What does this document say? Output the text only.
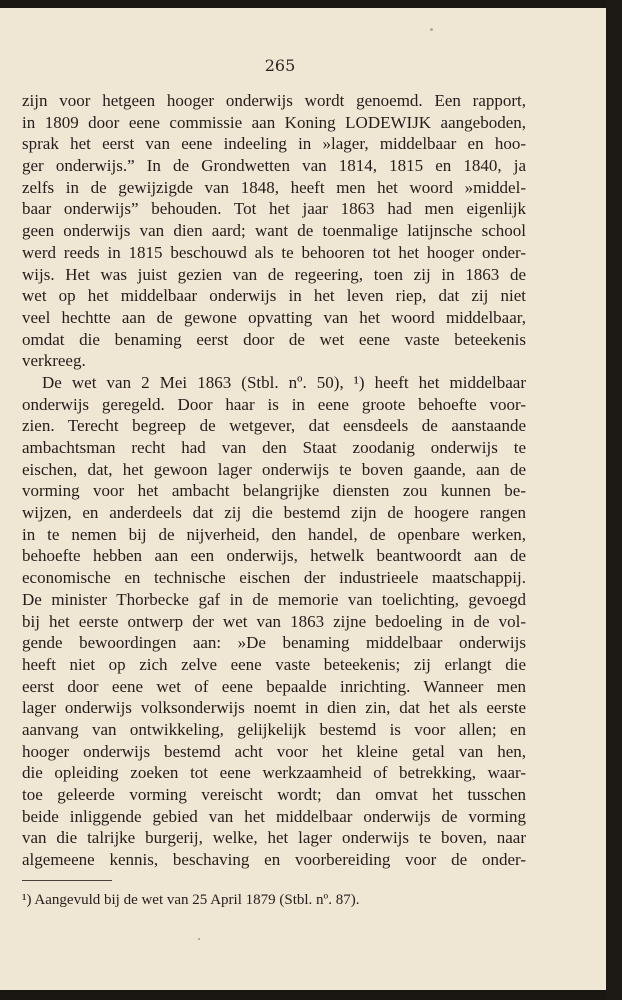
265
zijn voor hetgeen hooger onderwijs wordt genoemd. Een rapport,
in 1809 door eene commissie aan Koning LODEWIJK aangeboden,
sprak het eerst van eene indeeling in »lager, middelbaar en hoo-
ger onderwijs.” In de Grondwetten van 1814, 1815 en 1840, ja
zelfs in de gewijzigde van 1848, heeft men het woord »middel-
baar onderwijs” behouden. Tot het jaar 1863 had men eigenlijk
geen onderwijs van dien aard; want de toenmalige latijnsche school
werd reeds in 1815 beschouwd als te behooren tot het hooger onder-
wijs. Het was juist gezien van de regeering, toen zij in 1863 de
wet op het middelbaar onderwijs in het leven riep, dat zij niet
veel hechtte aan de gewone opvatting van het woord middelbaar,
omdat die benaming eerst door de wet eene vaste beteekenis
verkreeg.
De wet van 2 Mei 1863 (Stbl. nº. 50), ¹) heeft het middelbaar
onderwijs geregeld. Door haar is in eene groote behoefte voor-
zien. Terecht begreep de wetgever, dat eensdeels de aanstaande
ambachtsman recht had van den Staat zoodanig onderwijs te
eischen, dat, het gewoon lager onderwijs te boven gaande, aan de
vorming voor het ambacht belangrijke diensten zou kunnen be-
wijzen, en anderdeels dat zij die bestemd zijn de hoogere rangen
in te nemen bij de nijverheid, den handel, de openbare werken,
behoefte hebben aan een onderwijs, hetwelk beantwoordt aan de
economische en technische eischen der industrieele maatschappij.
De minister Thorbecke gaf in de memorie van toelichting, gevoegd
bij het eerste ontwerp der wet van 1863 zijne bedoeling in de vol-
gende bewoordingen aan: »De benaming middelbaar onderwijs
heeft niet op zich zelve eene vaste beteekenis; zij erlangt die
eerst door eene wet of eene bepaalde inrichting. Wanneer men
lager onderwijs volksonderwijs noemt in dien zin, dat het als eerste
aanvang van ontwikkeling, gelijkelijk bestemd is voor allen; en
hooger onderwijs bestemd acht voor het kleine getal van hen,
die opleiding zoeken tot eene werkzaamheid of betrekking, waar-
toe geleerde vorming vereischt wordt; dan omvat het tusschen
beide inliggende gebied van het middelbaar onderwijs de vorming
van die talrijke burgerij, welke, het lager onderwijs te boven, naar
algemeene kennis, beschaving en voorbereiding voor de onder-
¹) Aangevuld bij de wet van 25 April 1879 (Stbl. nº. 87).
